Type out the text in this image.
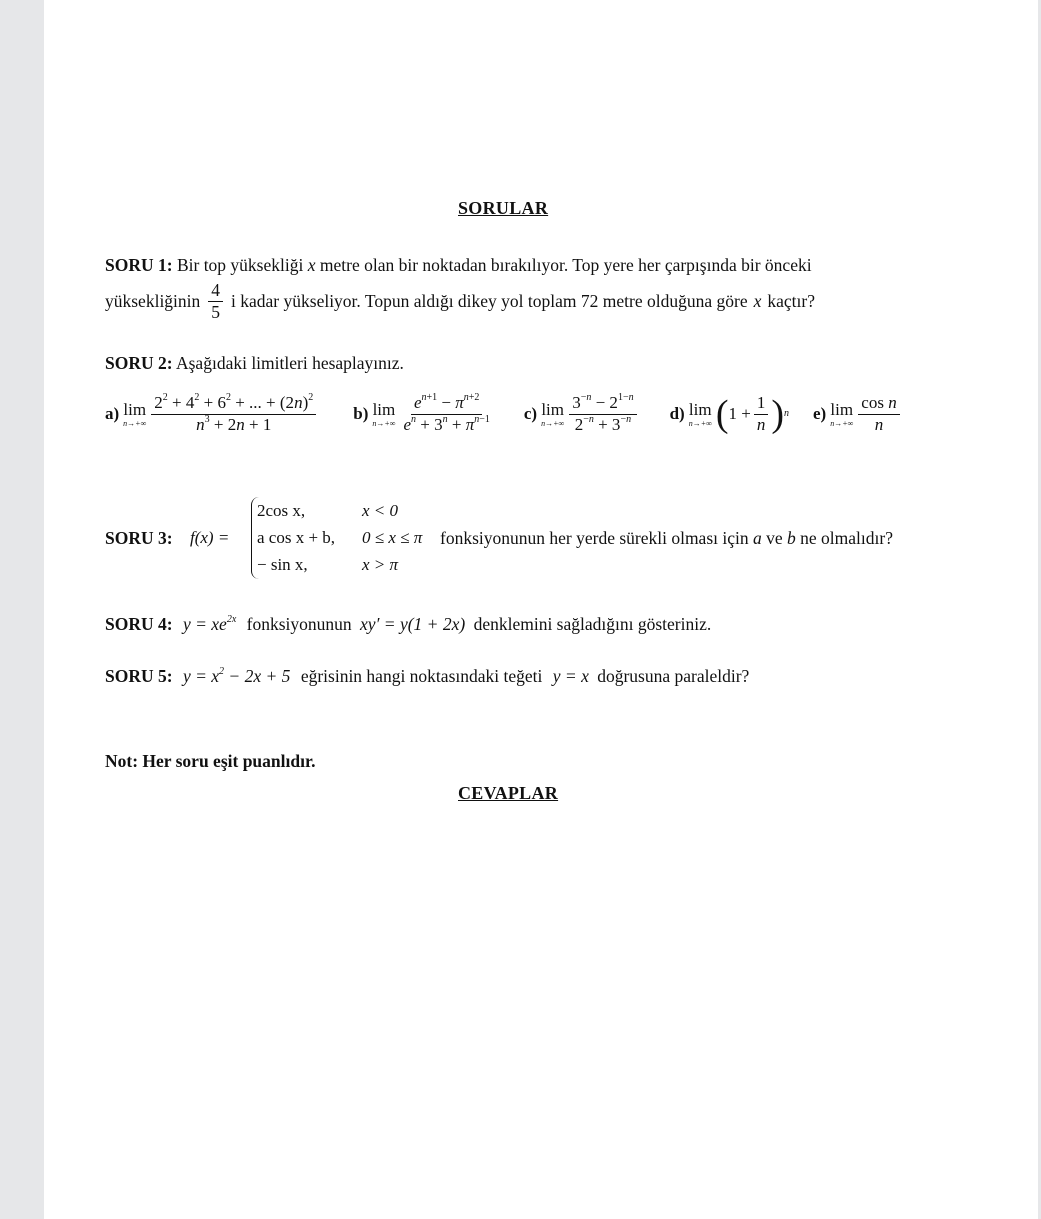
SORULAR
SORU 1: Bir top yüksekliği x metre olan bir noktadan bırakılıyor. Top yere her çarpışında bir önceki
yüksekliğinin $\frac{4}{5}$ i kadar yükseliyor. Topun aldığı dikey yol toplam 72 metre olduğuna göre x kaçtır?
SORU 2: Aşağıdaki limitleri hesaplayınız.
a) lim
$n\to+\infty \frac{2^2 + 4^2 + 6^2 + ... + (2n)^2}{n^3 + 2n + 1} b$) lim
$n\to+\infty \frac{e^{n+1} - \pi^{n+2}}{e^n + 3^n + \pi^{n-1}} c$) lim
$n\to+\infty \frac{3^{-n} - 2^{1-n}}{2^{-n} + 3^{-n}} d$) lim
n→+∞ ( $1 + \frac{1}{n}$ ) n e) lim
$n\to+\infty \frac{\text{cos n}}{n}$
SORU 3: f(x) =
2cos x,
a cos x + b,
− sin x,
x < 0
0 ≤ x ≤ π
x > π
fonksiyonunun her yerde sürekli olması için a ve b ne olmalıdır?
SORU 4: $y = xe^{2x}$ fonksiyonunun xy′ = y(1 + 2x) denklemini sağladığını gösteriniz.
SORU 5: $y = x^2 - 2x + 5$ eğrisinin hangi noktasındaki teğeti y = x doğrusuna paraleldir?
Not: Her soru eşit puanlıdır.
CEVAPLAR
